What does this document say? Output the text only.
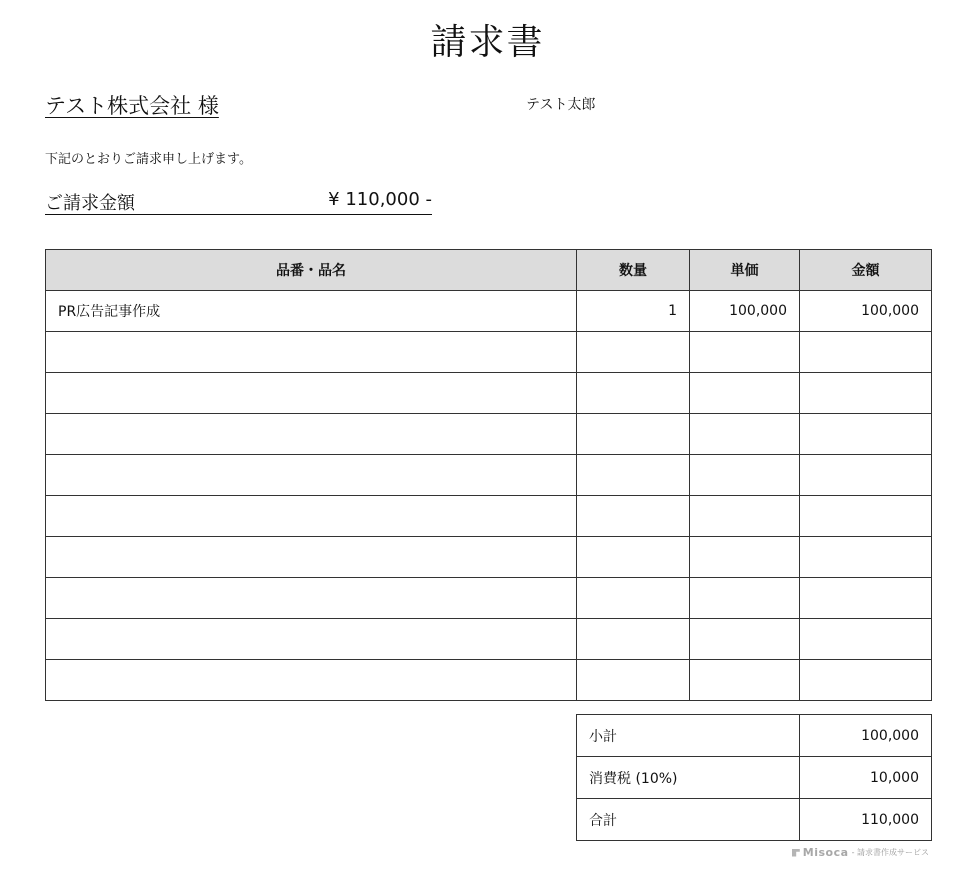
請求書
テスト株式会社 様	テスト太郎
下記のとおりご請求申し上げます。
ご請求金額	¥ 110,000 -
品番・品名	数量	単価	金額
PR広告記事作成	1	100,000	100,000

小計	100,000
消費税 (10%)	10,000
合計	110,000
Misoca - 請求書作成サービス
